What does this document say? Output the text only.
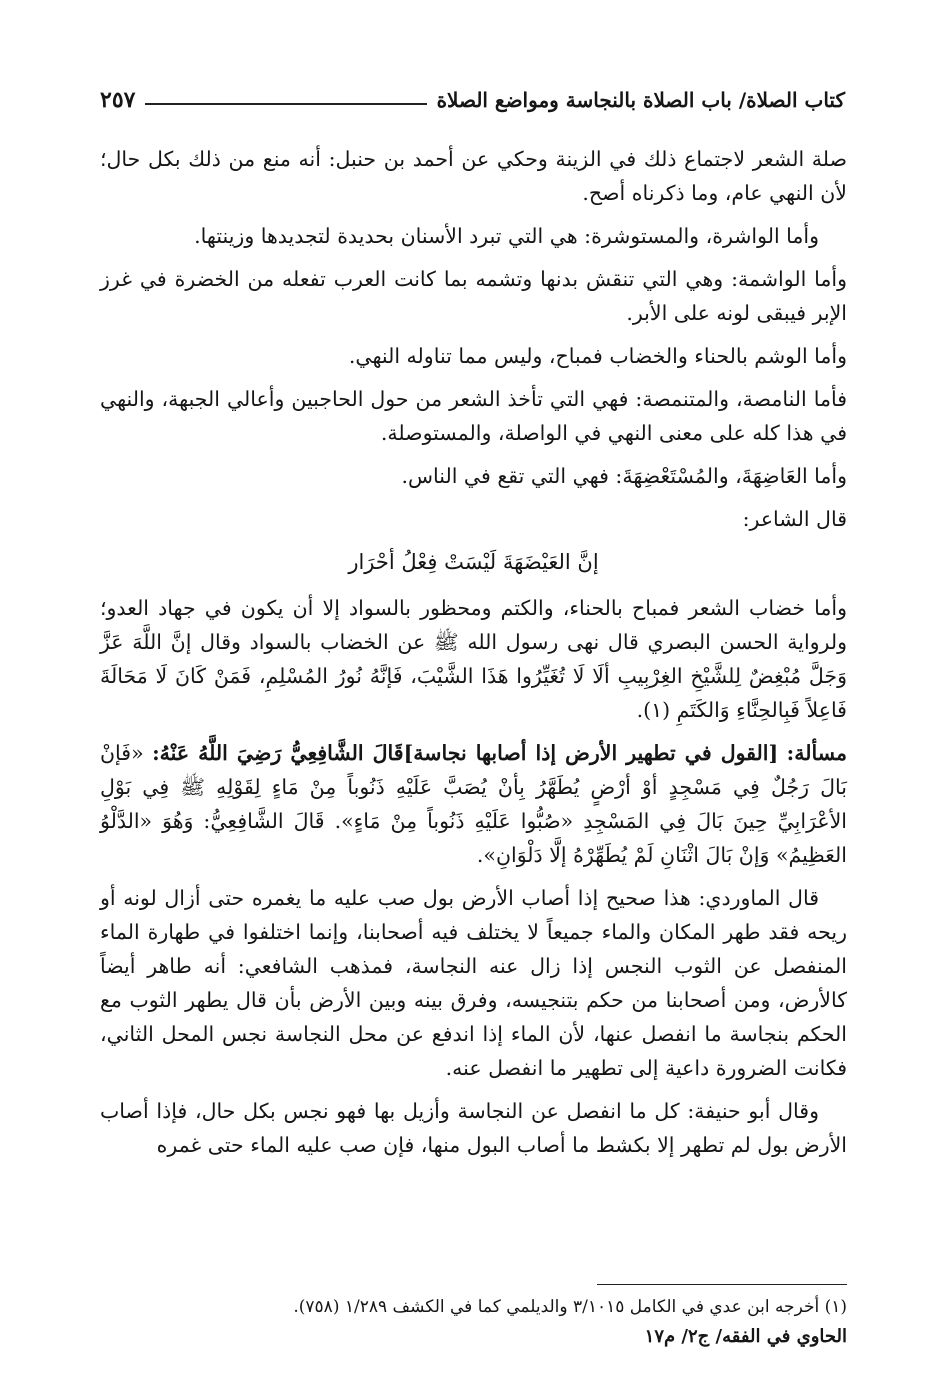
كتاب الصلاة/ باب الصلاة بالنجاسة ومواضع الصلاة
٢٥٧

صلة الشعر لاجتماع ذلك في الزينة وحكي عن أحمد بن حنبل: أنه منع من ذلك بكل حال؛ لأن النهي عام، وما ذكرناه أصح.

وأما الواشرة، والمستوشرة: هي التي تبرد الأسنان بحديدة لتجديدها وزينتها.

وأما الواشمة: وهي التي تنقش بدنها وتشمه بما كانت العرب تفعله من الخضرة في غرز الإبر فيبقى لونه على الأبر.

وأما الوشم بالحناء والخضاب فمباح، وليس مما تناوله النهي.

فأما النامصة، والمتنمصة: فهي التي تأخذ الشعر من حول الحاجبين وأعالي الجبهة، والنهي في هذا كله على معنى النهي في الواصلة، والمستوصلة.

وأما العَاضِهَةَ، والمُسْتَعْضِهَةَ: فهي التي تقع في الناس.

قال الشاعر:

إنَّ العَيْضَهَةَ لَيْسَتْ فِعْلُ أحْرَار

وأما خضاب الشعر فمباح بالحناء، والكتم ومحظور بالسواد إلا أن يكون في جهاد العدو؛ ولرواية الحسن البصري قال نهى رسول الله ﷺ عن الخضاب بالسواد وقال إنَّ اللَّهَ عَزَّ وَجَلَّ مُبْغِضٌ لِلشَّيْخِ الغِرْبِيبِ ألَا لَا تُغَيِّرُوا هَذَا الشَّيْبَ، فَإنَّهُ نُورُ المُسْلِمِ، فَمَنْ كَانَ لَا مَحَالَةَ فَاعِلاً فَبِالحِنَّاءِ وَالكَتَمِ (١).

مسألة: [القول في تطهير الأرض إذا أصابها نجاسة]قَالَ الشَّافِعِيُّ رَضِيَ اللَّهُ عَنْهُ: «فَإنْ بَالَ رَجُلٌ فِي مَسْجِدٍ أوْ أرْضٍ يُطَهَّرُ بِأنْ يُصَبَّ عَلَيْهِ ذَنُوباً مِنْ مَاءٍ لِقَوْلِهِ ﷺ فِي بَوْلِ الأعْرَابِيِّ حِينَ بَالَ فِي المَسْجِدِ «صُبُّوا عَلَيْهِ ذَنُوباً مِنْ مَاءٍ». قَالَ الشَّافِعِيُّ: وَهُوَ «الدَّلْوُ العَظِيمُ» وَإنْ بَالَ اثْنَانِ لَمْ يُطَهِّرْهُ إلَّا دَلْوَانِ».

قال الماوردي: هذا صحيح إذا أصاب الأرض بول صب عليه ما يغمره حتى أزال لونه أو ريحه فقد طهر المكان والماء جميعاً لا يختلف فيه أصحابنا، وإنما اختلفوا في طهارة الماء المنفصل عن الثوب النجس إذا زال عنه النجاسة، فمذهب الشافعي: أنه طاهر أيضاً كالأرض، ومن أصحابنا من حكم بتنجيسه، وفرق بينه وبين الأرض بأن قال يطهر الثوب مع الحكم بنجاسة ما انفصل عنها، لأن الماء إذا اندفع عن محل النجاسة نجس المحل الثاني، فكانت الضرورة داعية إلى تطهير ما انفصل عنه.

وقال أبو حنيفة: كل ما انفصل عن النجاسة وأزيل بها فهو نجس بكل حال، فإذا أصاب الأرض بول لم تطهر إلا بكشط ما أصاب البول منها، فإن صب عليه الماء حتى غمره

(١) أخرجه ابن عدي في الكامل ٣/١٠١٥ والديلمي كما في الكشف ١/٢٨٩ (٧٥٨).
الحاوي في الفقه/ ج٢/ م١٧
